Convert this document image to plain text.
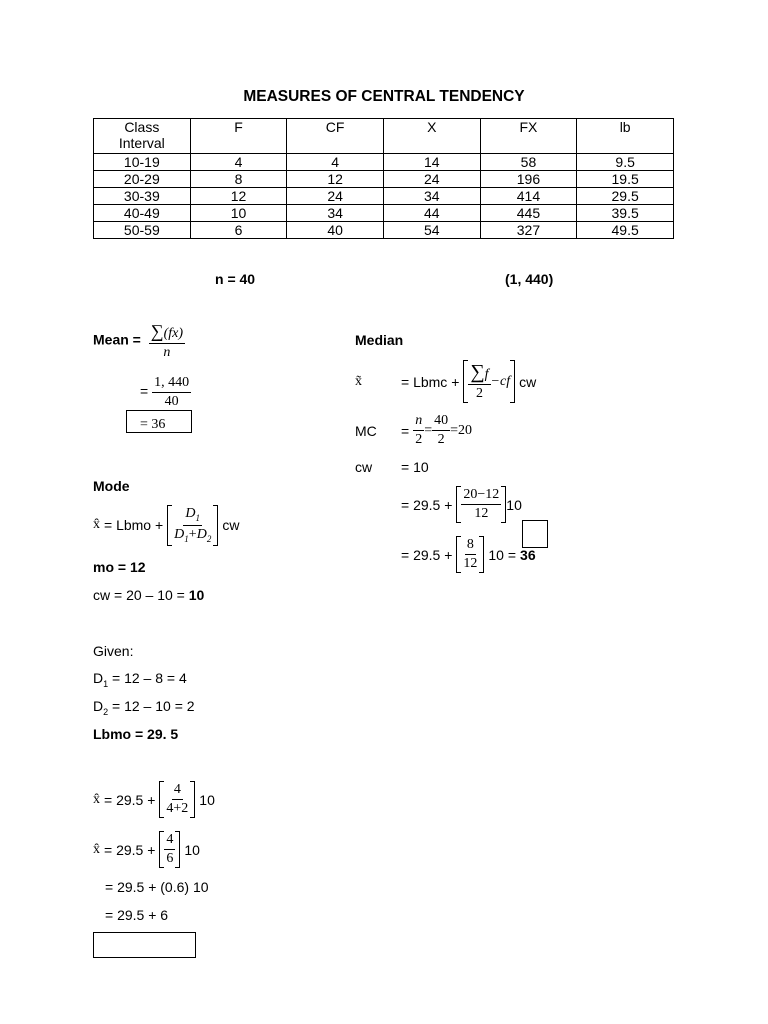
MEASURES OF CENTRAL TENDENCY
Class
Interval	F	CF	X	FX	lb
10-19	4	4	14	58	9.5
20-29	8	12	24	196	19.5
30-39	12	24	34	414	29.5
40-49	10	34	44	445	39.5
50-59	6	40	54	327	49.5
n = 40	(1, 440)
Mean = $\frac{\sum(fx)}{n}$
= $\frac{1, 440}{40}$
= 36
Median
x̃	= Lbmc + $\frac{\sum f}{2} -cf$ cw
MC	= $\frac{n}{2} = \frac{40}{2} =20$
cw	= 10
= $29.5 + \frac{20-12}{12} 10$
= $29.5 + \frac{8}{12} 10 = 36$
Mode
x̂ = Lbmo + $\frac{D_1}{D_1+D_2}$ cw
mo = 12
cw = 20 – 10 = 10
Given:
$D_1 = 12 - 8 = 4$
$D_2 = 12 - 10 = 2$
Lbmo = 29. 5
x̂ = $29.5 + \frac{4}{4+2} 10$
x̂ = $29.5 + \frac{4}{6} 10$
= 29.5 + (0.6) 10
= 29.5 + 6
